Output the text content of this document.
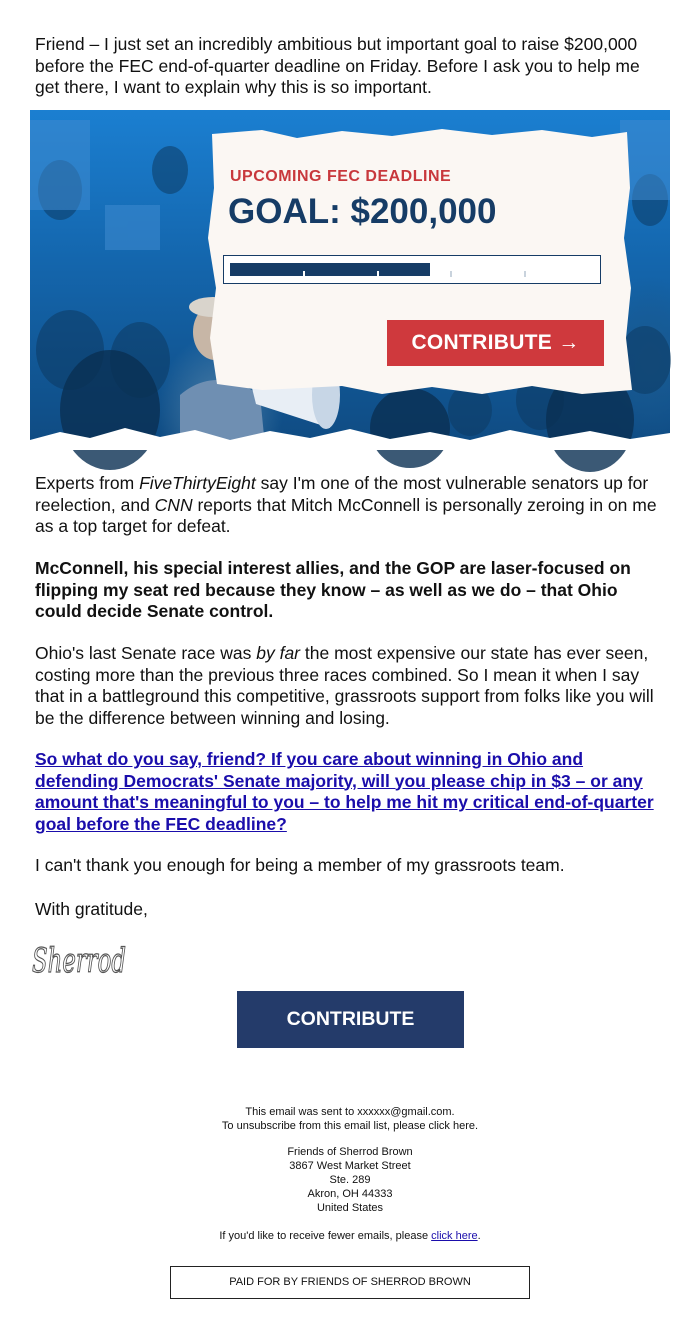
Friend – I just set an incredibly ambitious but important goal to raise $200,000 before the FEC end-of-quarter deadline on Friday. Before I ask you to help me get there, I want to explain why this is so important.

UPCOMING FEC DEADLINE
GOAL: $200,000
CONTRIBUTE →

Experts from FiveThirtyEight say I'm one of the most vulnerable senators up for reelection, and CNN reports that Mitch McConnell is personally zeroing in on me as a top target for defeat.

McConnell, his special interest allies, and the GOP are laser-focused on flipping my seat red because they know – as well as we do – that Ohio could decide Senate control.

Ohio's last Senate race was by far the most expensive our state has ever seen, costing more than the previous three races combined. So I mean it when I say that in a battleground this competitive, grassroots support from folks like you will be the difference between winning and losing.

So what do you say, friend? If you care about winning in Ohio and defending Democrats' Senate majority, will you please chip in $3 – or any amount that's meaningful to you – to help me hit my critical end-of-quarter goal before the FEC deadline?

I can't thank you enough for being a member of my grassroots team.

With gratitude,

Sherrod
CONTRIBUTE
This email was sent to xxxxxx@gmail.com.
To unsubscribe from this email list, please click here.
Friends of Sherrod Brown
3867 West Market Street
Ste. 289
Akron, OH 44333
United States
If you'd like to receive fewer emails, please click here.
PAID FOR BY FRIENDS OF SHERROD BROWN
